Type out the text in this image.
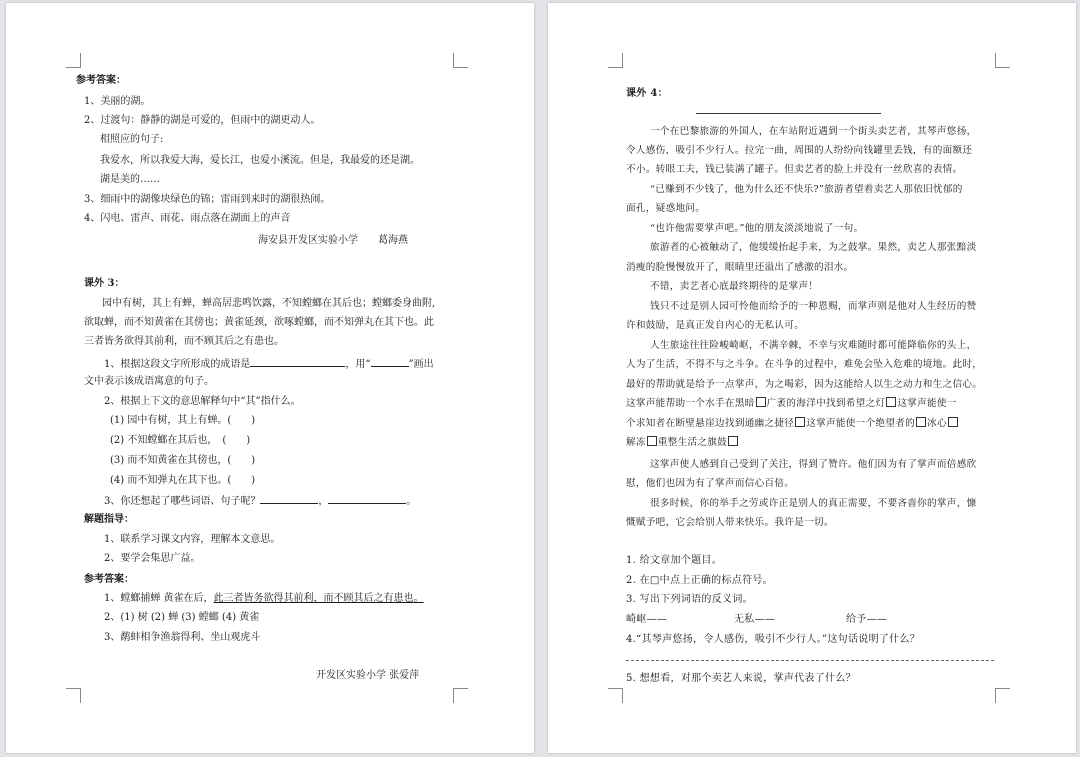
参考答案：
1、美丽的湖。
2、过渡句：静静的湖是可爱的，但雨中的湖更动人。
相照应的句子:
我爱水，所以我爱大海，爱长江，也爱小溪流。但是，我最爱的还是湖。
湖是美的……
3、细雨中的湖像块绿色的锦；雷雨到来时的湖很热闹。
4、闪电、雷声、雨花、雨点落在湖面上的声音
海安县开发区实验小学　　葛海燕
课外 3：
园中有树，其上有蝉，蝉高居悲鸣饮露，不知螳螂在其后也；螳螂委身曲附,
欲取蝉，而不知黄雀在其傍也；黄雀延颈，欲啄螳螂，而不知弹丸在其下也。此
三者皆务欲得其前利，而不顾其后之有患也。
1、根据这段文字所形成的成语是	，用“	”画出
文中表示该成语寓意的句子。
2、根据上下文的意思解释句中“其”指什么。
(1) 园中有树，其上有蝉。(　　)
(2) 不知螳螂在其后也，　(　　)
(3) 而不知黄雀在其傍也，(　　)
(4) 而不知弹丸在其下也。(　　)
3、你还想起了哪些词语、句子呢？	，	。
解题指导：
1、联系学习课文内容，理解本文意思。
2、要学会集思广益。
参考答案：
1、螳螂捕蝉 黄雀在后，此三者皆务欲得其前利，而不顾其后之有患也。
2、(1) 树 (2) 蝉 (3) 螳螂 (4) 黄雀
3、鹬蚌相争渔翁得利、坐山观虎斗
开发区实验小学 张爱萍
课外 4：
一个在巴黎旅游的外国人，在车站附近遇到一个街头卖艺者，其琴声悠扬，
令人感伤，吸引不少行人。拉完一曲，周围的人纷纷向钱罐里丢钱，有的面额还
不小。转眼工夫，钱已装满了罐子。但卖艺者的脸上并没有一丝欣喜的表情。
“已赚到不少钱了，他为什么还不快乐?”旅游者望着卖艺人那依旧忧郁的
面孔，疑惑地问。
“也许他需要掌声吧。”他的朋友淡淡地说了一句。
旅游者的心被触动了，他缓缓抬起手来，为之鼓掌。果然，卖艺人那张黯淡
消瘦的脸慢慢放开了，眼睛里还溢出了感激的泪水。
不错，卖艺者心底最终期待的是掌声！
钱只不过是别人园可怜他而给予的一种恩赐，而掌声则是他对人生经历的赞
许和鼓励，是真正发自内心的无私认可。
人生旅途往往险峻崎岖，不满辛棘，不幸与灾难随时都可能降临你的头上，
人为了生活，不得不与之斗争。在斗争的过程中，难免会坠入危难的境地。此时，
最好的帮助就是给予一点掌声，为之喝彩，因为这能给人以生之动力和生之信心。
这掌声能帮助一个水手在黑暗 广袤的海洋中找到希望之灯 这掌声能使一
个求知者在断壁悬崖边找到通幽之捷径 这掌声能使一个绝望者的 冰心
解冻 重整生活之旗鼓
这掌声使人感到自己受到了关注，得到了赞许。他们因为有了掌声而倍感欣
慰，他们也因为有了掌声而信心百倍。
很多时候，你的举手之劳或许正是别人的真正需要，不要吝啬你的掌声，慷
慨赋予吧，它会给别人带来快乐。我许是一切。
1. 给文章加个题目。
2. 在□中点上正确的标点符号。
3. 写出下列词语的反义词。
崎岖——	无私——	给予——
4.“其琴声悠扬，令人感伤，吸引不少行人。”这句话说明了什么？
5. 想想看，对那个卖艺人来说，掌声代表了什么？
